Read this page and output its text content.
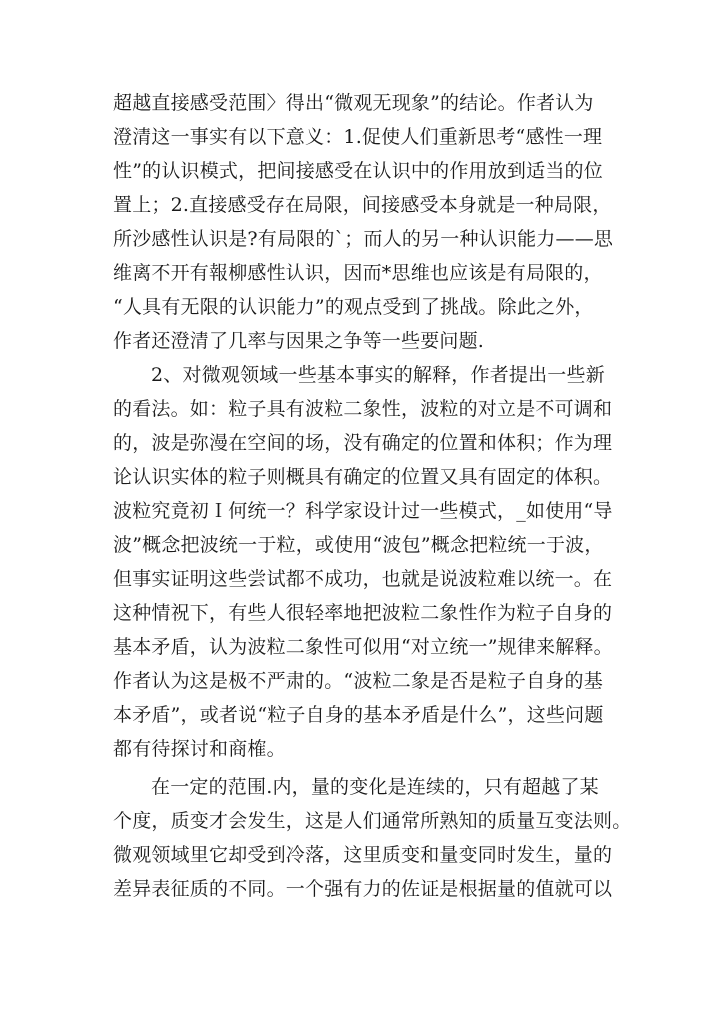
超越直接感受范围〉得出“微观无现象”的结论。作者认为
澄清这一事实有以下意义：1.促使人们重新思考“感性一理
性”的认识模式，把间接感受在认识中的作用放到适当的位
置上；2.直接感受存在局限，间接感受本身就是一种局限，
所沙感性认识是?有局限的`；而人的另一种认识能力——思
维离不开有報柳感性认识，因而*思维也应该是有局限的，
“人具有无限的认识能力”的观点受到了挑战。除此之外，
作者还澄清了几率与因果之争等一些要问题.
2、对微观领域一些基本事实的解释，作者提出一些新
的看法。如：粒子具有波粒二象性，波粒的对立是不可调和
的，波是弥漫在空间的场，没有确定的位置和体积；作为理
论认识实体的粒子则概具有确定的位置又具有固定的体积。
波粒究竟初Ｉ何统一？科学家设计过一些模式，_如使用“导
波”概念把波统一于粒，或使用“波包”概念把粒统一于波，
但事实证明这些尝试都不成功，也就是说波粒难以统一。在
这种情祝下，有些人很轻率地把波粒二象性作为粒子自身的
基本矛盾，认为波粒二象性可似用“对立统一”规律来解释。
作者认为这是极不严肃的。“波粒二象是否是粒子自身的基
本矛盾”，或者说“粒子自身的基本矛盾是什么”，这些问题
都有待探讨和商榷。
在一定的范围.内，量的变化是连续的，只有超越了某
个度，质变才会发生，这是人们通常所熟知的质量互变法则。
微观领域里它却受到冷落，这里质变和量变同时发生，量的
差异表征质的不同。一个强有力的佐证是根据量的值就可以
